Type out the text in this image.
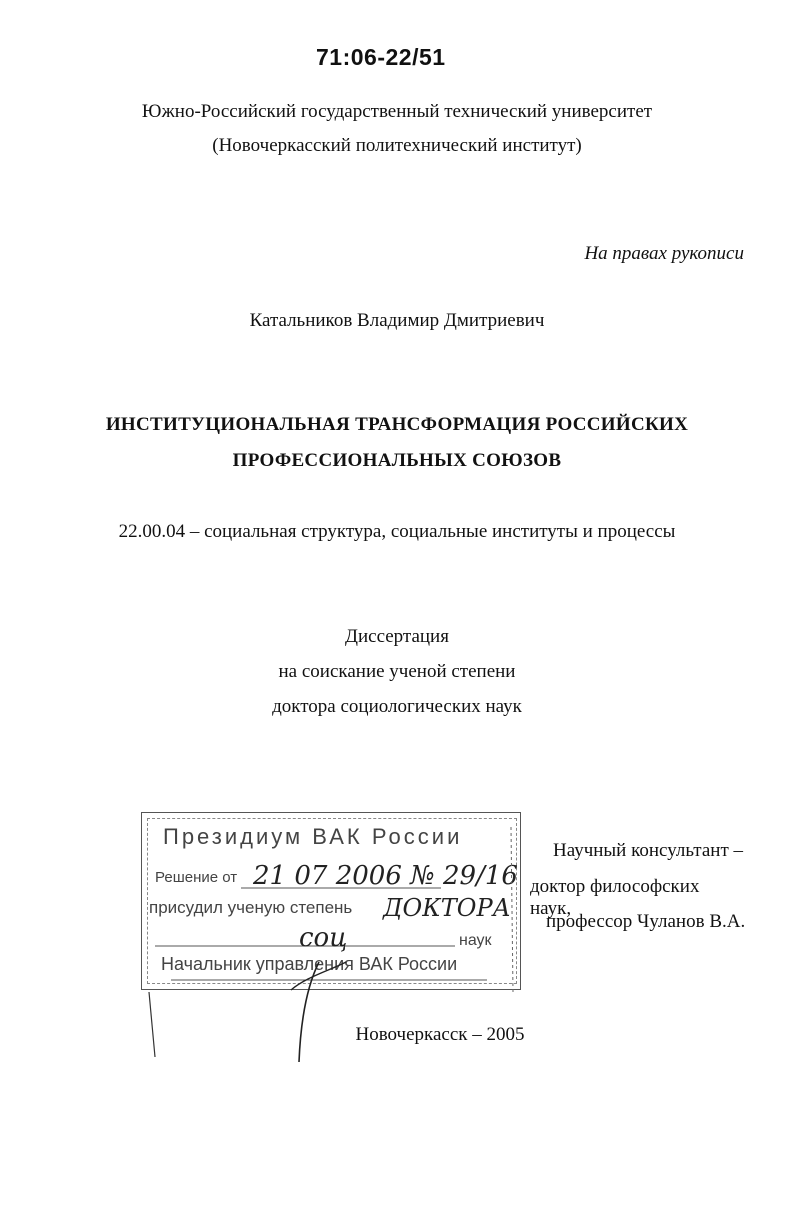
71:06-22/51
Южно-Российский государственный технический университет
(Новочеркасский политехнический институт)
На правах рукописи
Катальников Владимир Дмитриевич
ИНСТИТУЦИОНАЛЬНАЯ ТРАНСФОРМАЦИЯ РОССИЙСКИХ
ПРОФЕССИОНАЛЬНЫХ СОЮЗОВ
22.00.04 – социальная структура, социальные институты и процессы
Диссертация
на соискание ученой степени
доктора социологических наук
Научный консультант –
доктор философских наук,
профессор Чуланов В.А.
Президиум ВАК России
Решение от
присудил ученую степень
наук
Начальник управления ВАК России
21 07 2006 № 29/16
ДОКТОРА
соц
Новочеркасск – 2005
